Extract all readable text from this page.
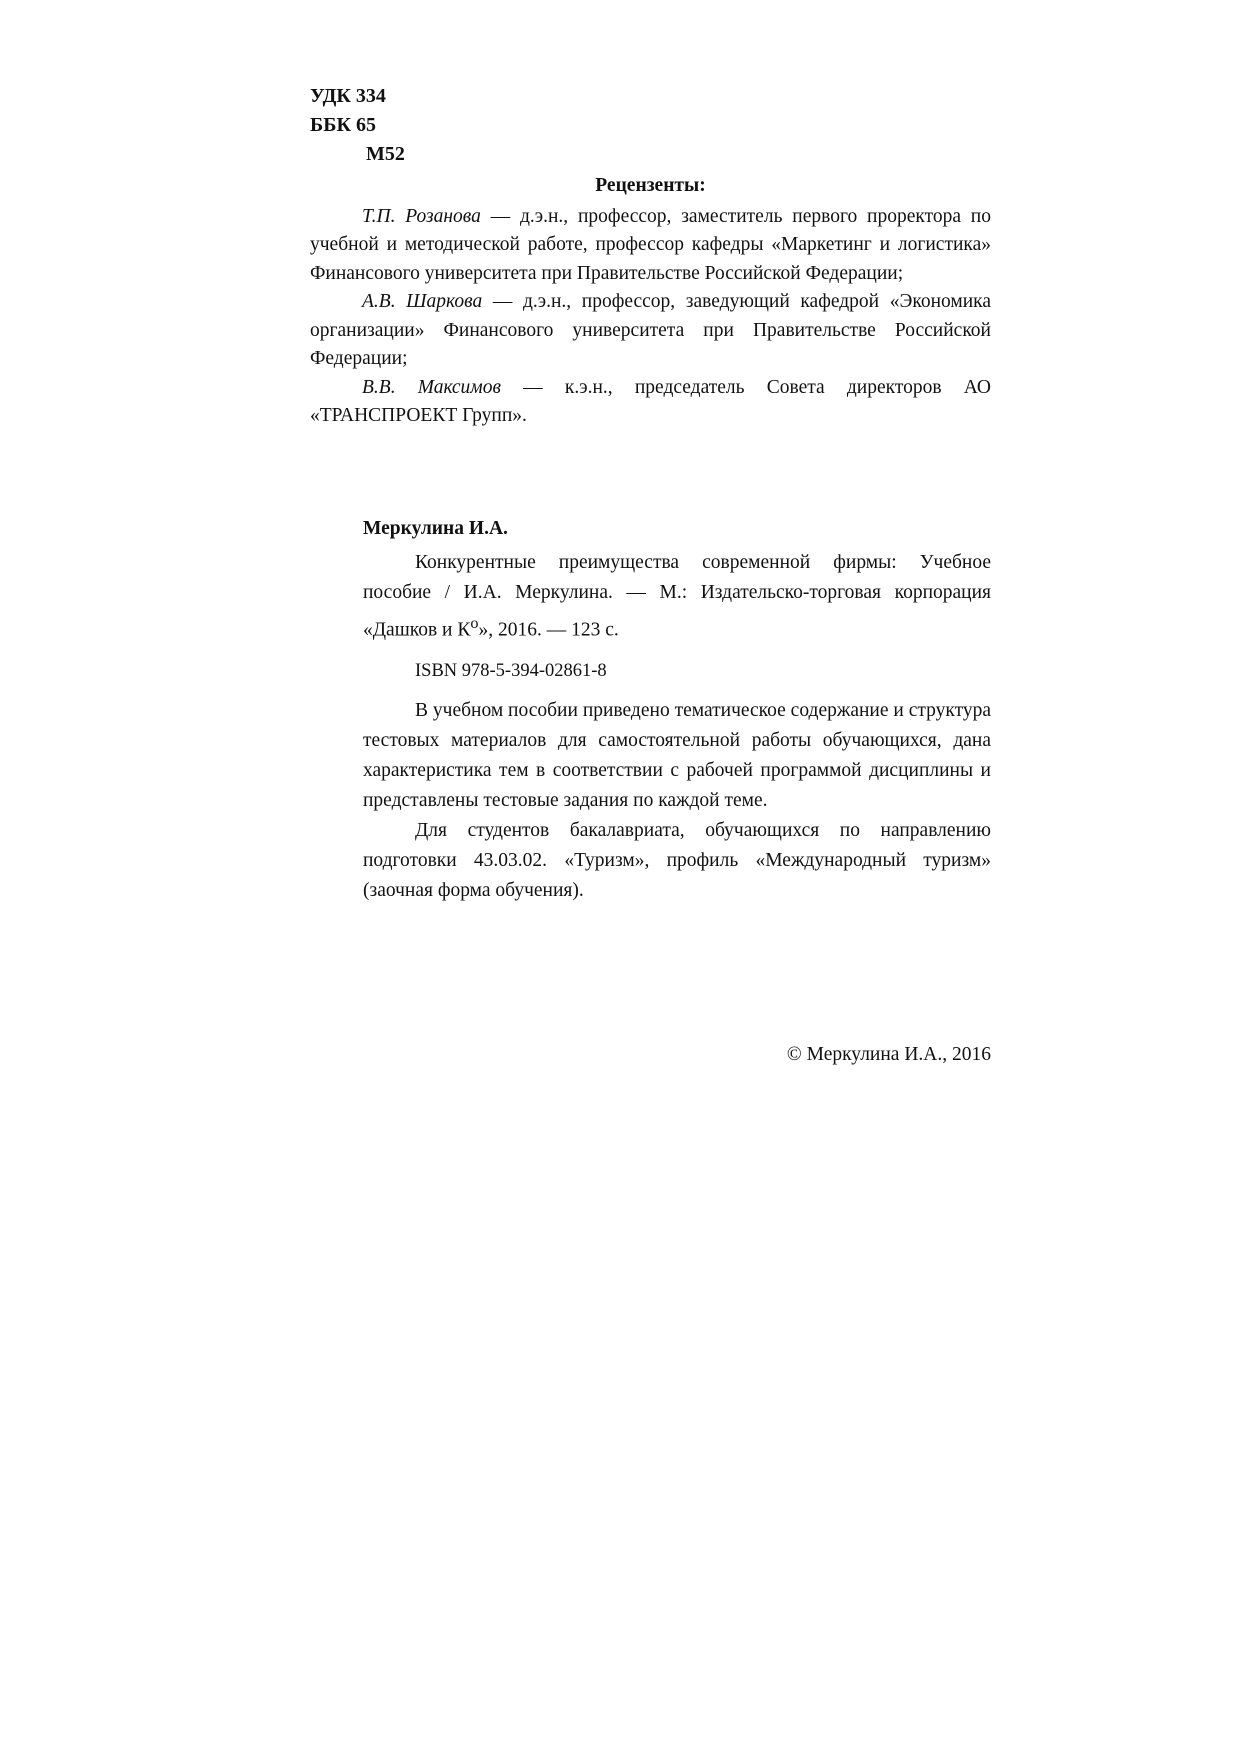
УДК 334
ББК 65
М52

Рецензенты:

Т.П. Розанова — д.э.н., профессор, заместитель первого проректора по учебной и методической работе, профессор кафедры «Маркетинг и логистика» Финансового университета при Правительстве Российской Федерации;

А.В. Шаркова — д.э.н., профессор, заведующий кафедрой «Экономика организации» Финансового университета при Правительстве Российской Федерации;

В.В. Максимов — к.э.н., председатель Совета директоров АО «ТРАНСПРОЕКТ Групп».

Меркулина И.А.

Конкурентные преимущества современной фирмы: Учебное пособие / И.А. Меркулина. — М.: Издательско-торговая корпорация «Дашков и $К^о$», 2016. — 123 с.

ISBN 978-5-394-02861-8

В учебном пособии приведено тематическое содержание и структура тестовых материалов для самостоятельной работы обучающихся, дана характеристика тем в соответствии с рабочей программой дисциплины и представлены тестовые задания по каждой теме.

Для студентов бакалавриата, обучающихся по направлению подготовки 43.03.02. «Туризм», профиль «Международный туризм» (заочная форма обучения).

© Меркулина И.А., 2016
